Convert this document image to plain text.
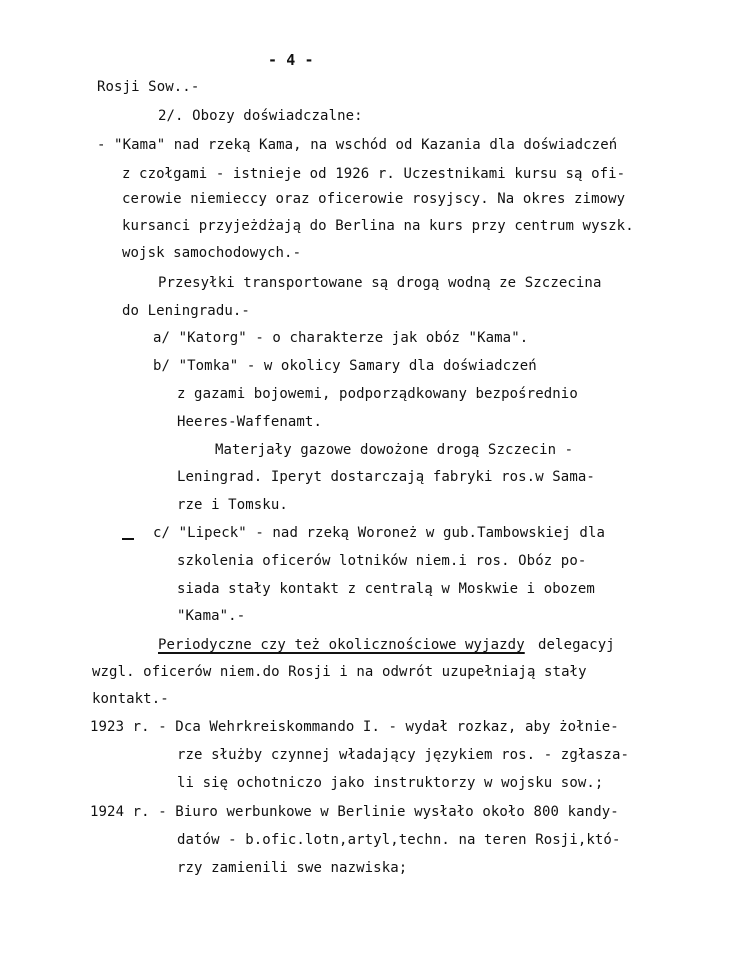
- 4 -
Rosji Sow..-
2/. Obozy doświadczalne:
- "Kama" nad rzeką Kama, na wschód od Kazania dla doświadczeń
z czołgami - istnieje od 1926 r. Uczestnikami kursu są ofi-
cerowie niemieccy oraz oficerowie rosyjscy. Na okres zimowy
kursanci przyjeżdżają do Berlina na kurs przy centrum wyszk.
wojsk samochodowych.-
Przesyłki transportowane są drogą wodną ze Szczecina
do Leningradu.-
a/ "Katorg" - o charakterze jak obóz "Kama".
b/ "Tomka" - w okolicy Samary dla doświadczeń
z gazami bojowemi, podporządkowany bezpośrednio
Heeres-Waffenamt.
Materjały gazowe dowożone drogą Szczecin -
Leningrad. Iperyt dostarczają fabryki ros.w Sama-
rze i Tomsku.
c/ "Lipeck" - nad rzeką Woroneż w gub.Tambowskiej dla
szkolenia oficerów lotników niem.i ros. Obóz po-
siada stały kontakt z centralą w Moskwie i obozem
"Kama".-
Periodyczne czy też okolicznościowe wyjazdy delegacyj
wzgl. oficerów niem.do Rosji i na odwrót uzupełniają stały
kontakt.-
1923 r. - Dca Wehrkreiskommando I. - wydał rozkaz, aby żołnie-
rze służby czynnej władający językiem ros. - zgłaszа-
li się ochotniczo jako instruktorzy w wojsku sow.;
1924 r. - Biuro werbunkowe w Berlinie wysłało około 800 kandy-
datów - b.ofic.lotn,artyl,techn. na teren Rosji,któ-
rzy zamienili swe nazwiska;
